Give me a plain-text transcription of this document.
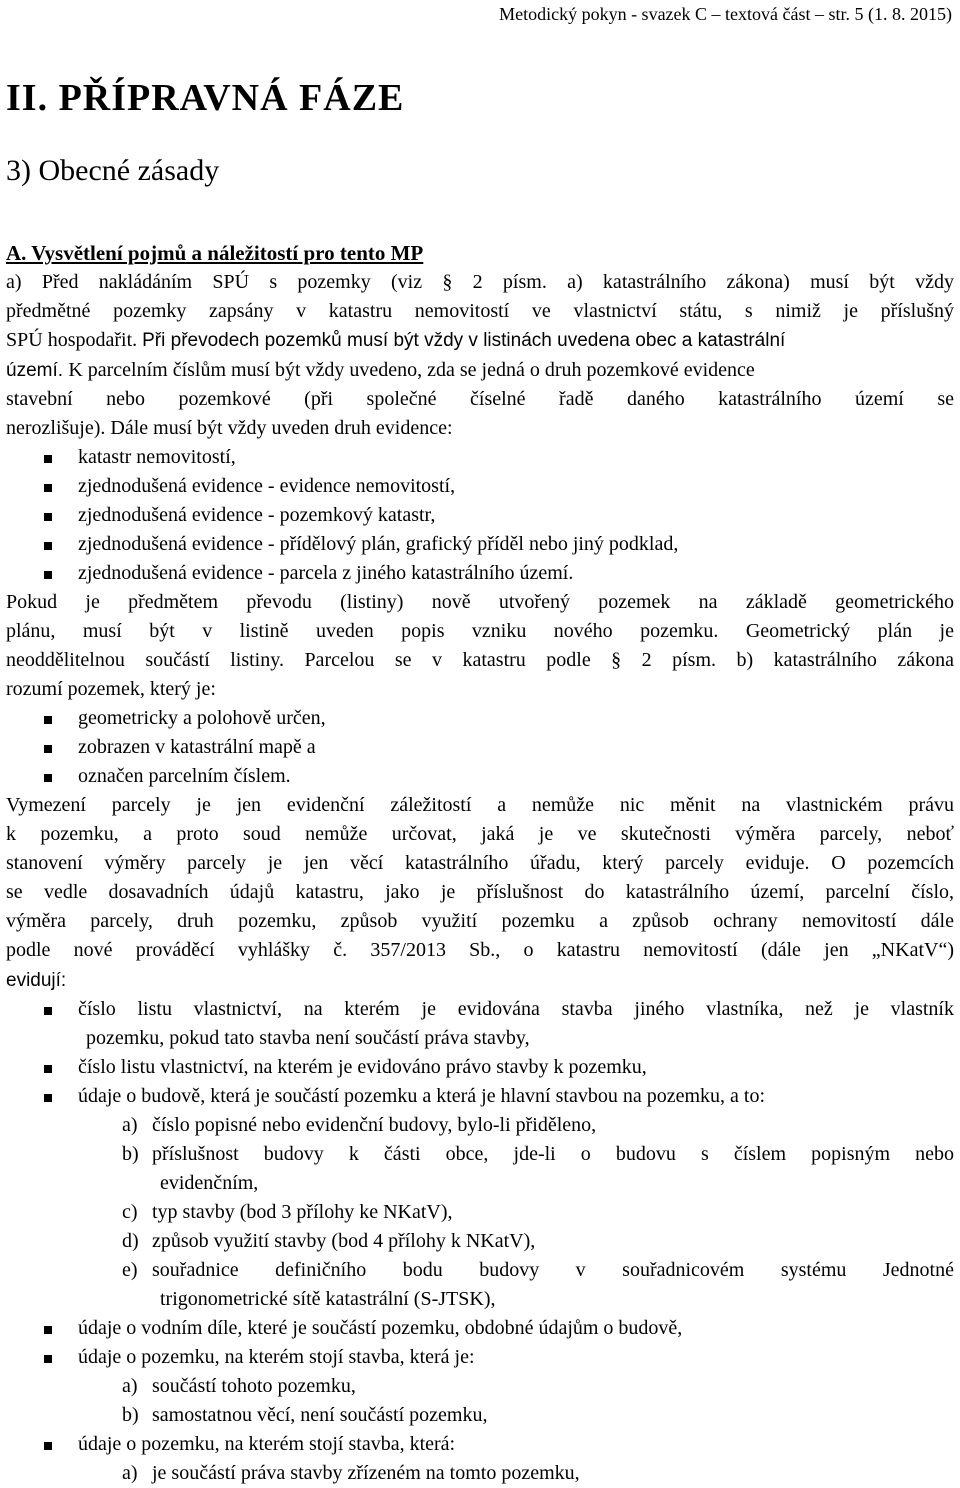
Metodický pokyn - svazek C – textová část – str. 5 (1. 8. 2015)
II. PŘÍPRAVNÁ FÁZE
3) Obecné zásady
A. Vysvětlení pojmů a náležitostí pro tento MP
a) Před nakládáním SPÚ s pozemky (viz § 2 písm. a) katastrálního zákona) musí být vždy
předmětné pozemky zapsány v katastru nemovitostí ve vlastnictví státu, s nimiž je příslušný
SPÚ hospodařit. Při převodech pozemků musí být vždy v listinách uvedena obec a katastrální
území. K parcelním číslům musí být vždy uvedeno, zda se jedná o druh pozemkové evidence
stavební nebo pozemkové (při společné číselné řadě daného katastrálního území se
nerozlišuje). Dále musí být vždy uveden druh evidence:
katastr nemovitostí,
zjednodušená evidence - evidence nemovitostí,
zjednodušená evidence - pozemkový katastr,
zjednodušená evidence - přídělový plán, grafický příděl nebo jiný podklad,
zjednodušená evidence - parcela z jiného katastrálního území.
Pokud je předmětem převodu (listiny) nově utvořený pozemek na základě geometrického
plánu, musí být v listině uveden popis vzniku nového pozemku. Geometrický plán je
neoddělitelnou součástí listiny. Parcelou se v katastru podle § 2 písm. b) katastrálního zákona
rozumí pozemek, který je:
geometricky a polohově určen,
zobrazen v katastrální mapě a
označen parcelním číslem.
Vymezení parcely je jen evidenční záležitostí a nemůže nic měnit na vlastnickém právu
k pozemku, a proto soud nemůže určovat, jaká je ve skutečnosti výměra parcely, neboť
stanovení výměry parcely je jen věcí katastrálního úřadu, který parcely eviduje. O pozemcích
se vedle dosavadních údajů katastru, jako je příslušnost do katastrálního území, parcelní číslo,
výměra parcely, druh pozemku, způsob využití pozemku a způsob ochrany nemovitostí dále
podle nové prováděcí vyhlášky č. 357/2013 Sb., o katastru nemovitostí (dále jen „NKatV“)
evidují:
číslo listu vlastnictví, na kterém je evidována stavba jiného vlastníka, než je vlastník
pozemku, pokud tato stavba není součástí práva stavby,
číslo listu vlastnictví, na kterém je evidováno právo stavby k pozemku,
údaje o budově, která je součástí pozemku a která je hlavní stavbou na pozemku, a to:
a) číslo popisné nebo evidenční budovy, bylo-li přiděleno,
b) příslušnost budovy k části obce, jde-li o budovu s číslem popisným nebo
evidenčním,
c) typ stavby (bod 3 přílohy ke NKatV),
d) způsob využití stavby (bod 4 přílohy k NKatV),
e) souřadnice definičního bodu budovy v souřadnicovém systému Jednotné
trigonometrické sítě katastrální (S-JTSK),
údaje o vodním díle, které je součástí pozemku, obdobné údajům o budově,
údaje o pozemku, na kterém stojí stavba, která je:
a) součástí tohoto pozemku,
b) samostatnou věcí, není součástí pozemku,
údaje o pozemku, na kterém stojí stavba, která:
a) je součástí práva stavby zřízeném na tomto pozemku,
